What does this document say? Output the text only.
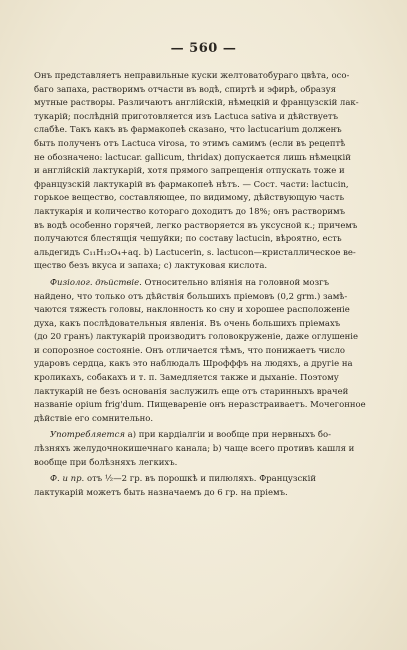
— 560 —
Онъ представляетъ неправильные куски желтоватобураго цвѣта, осо-
баго запаха, растворимъ отчасти въ водѣ, спиртѣ и эфирѣ, образуя
мутные растворы. Различаютъ англійскій, нѣмецкій и французскій лак-
тукарій; послѣдній приготовляется изъ Lactuca sativa и дѣйствуетъ
слабѣе. Такъ какъ въ фармакопеѣ сказано, что lactucarium долженъ
быть полученъ отъ Lactuca virosa, то этимъ самимъ (если въ рецептѣ
не обозначено: lactucar. gallicum, thridax) допускается лишь нѣмецкій
и англійскій лактукарій, хотя прямого запрещенія отпускать тоже и
французскій лактукарій въ фармакопеѣ нѣтъ. — Сост. части: lactucin,
горькое вещество, составляющее, по видимому, дѣйствующую часть
лактукарія и количество котораго доходитъ до 18%; онъ растворимъ
въ водѣ особенно горячей, легко растворяется въ уксусной к.; причемъ
получаются блестящія чешуйки; по составу lactucin, вѣроятно, есть
альдегидъ C₁₁H₁₂O₄+aq. b) Lactucerin, s. lactucon—кристаллическое ве-
щество безъ вкуса и запаха; c) лактуковая кислота.
Физіолог. дѣйствіе. Относительно вліянія на головной мозгъ
найдено, что только отъ дѣйствія большихъ пріемовъ (0,2 grm.) замѣ-
чаются тяжесть головы, наклонность ко сну и хорошее расположеніе
духа, какъ послѣдовательныя явленія. Въ очень большихъ пріемахъ
(до 20 гранъ) лактукарій производитъ головокруженіе, даже оглушеніе
и сопорозное состояніе. Онъ отличается тѣмъ, что понижаетъ число
ударовъ сердца, какъ это наблюдалъ Шрофффъ на людяхъ, а другіе на
кроликахъ, собакахъ и т. п. Замедляется также и дыханіе. Поэтому
лактукарій не безъ основанія заслужилъ еще отъ старинныхъ врачей
названіе opium frig'dum. Пищевареніе онъ неразстраиваетъ. Мочегонное
дѣйствіе его сомнительно.
Употребляется a) при кардіалгіи и вообще при нервныхъ бо-
лѣзняхъ желудочнокишечнаго канала; b) чаще всего противъ кашля и
вообще при болѣзняхъ легкихъ.
Ф. и пр. отъ ½—2 гр. въ порошкѣ и пилюляхъ. Французскій
лактукарій можетъ быть назначаемъ до 6 гр. на пріемъ.
